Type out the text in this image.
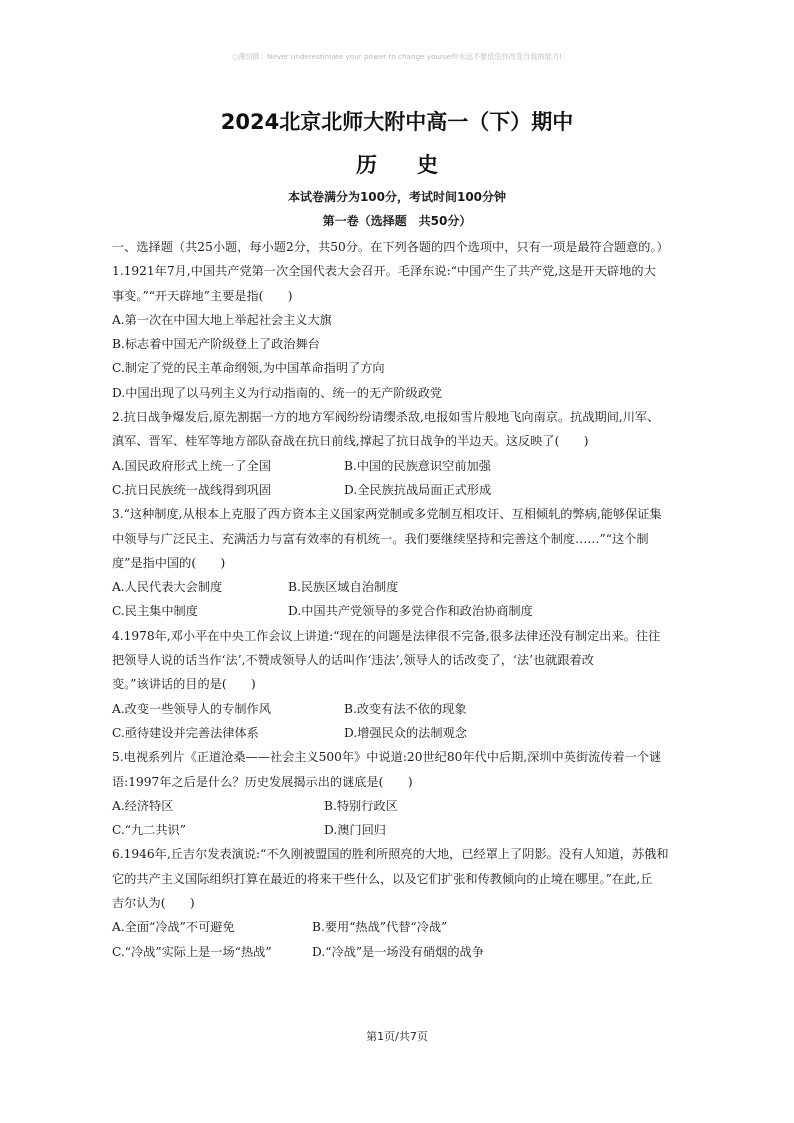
○薄切胖：Never underestimate your power to change yourself!永远不要低估你改变自我的能力!
2024北京北师大附中高一（下）期中
历史
本试卷满分为100分，考试时间100分钟
第一卷（选择题　共50分）
一、选择题（共25小题，每小题2分，共50分。在下列各题的四个选项中，只有一项是最符合题意的。）
1.1921年7月,中国共产党第一次全国代表大会召开。毛泽东说:“中国产生了共产党,这是开天辟地的大
事变。”“开天辟地”主要是指(　　)
A.第一次在中国大地上举起社会主义大旗
B.标志着中国无产阶级登上了政治舞台
C.制定了党的民主革命纲领,为中国革命指明了方向
D.中国出现了以马列主义为行动指南的、统一的无产阶级政党
2.抗日战争爆发后,原先割据一方的地方军阀纷纷请缨杀敌,电报如雪片般地飞向南京。抗战期间,川军、
滇军、晋军、桂军等地方部队奋战在抗日前线,撑起了抗日战争的半边天。这反映了(　　)
A.国民政府形式上统一了全国	B.中国的民族意识空前加强
C.抗日民族统一战线得到巩固	D.全民族抗战局面正式形成
3.“这种制度,从根本上克服了西方资本主义国家两党制或多党制互相攻讦、互相倾轧的弊病,能够保证集
中领导与广泛民主、充满活力与富有效率的有机统一。我们要继续坚持和完善这个制度……”“这个制
度”是指中国的(　　)
A.人民代表大会制度	B.民族区域自治制度
C.民主集中制度	D.中国共产党领导的多党合作和政治协商制度
4.1978年,邓小平在中央工作会议上讲道:“现在的问题是法律很不完备,很多法律还没有制定出来。往往
把领导人说的话当作‘法’,不赞成领导人的话叫作‘违法’,领导人的话改变了，‘法’也就跟着改
变。”该讲话的目的是(　　)
A.改变一些领导人的专制作风	B.改变有法不依的现象
C.亟待建设并完善法律体系	D.增强民众的法制观念
5.电视系列片《正道沧桑——社会主义500年》中说道:20世纪80年代中后期,深圳中英街流传着一个谜
语:1997年之后是什么？历史发展揭示出的谜底是(　　)
A.经济特区	B.特别行政区
C.“九二共识”	D.澳门回归
6.1946年,丘吉尔发表演说:“不久刚被盟国的胜利所照亮的大地，已经罩上了阴影。没有人知道，苏俄和
它的共产主义国际组织打算在最近的将来干些什么，以及它们扩张和传教倾向的止境在哪里。”在此,丘
吉尔认为(　　)
A.全面“冷战”不可避免	B.要用“热战”代替“冷战”
C.“冷战”实际上是一场“热战”	D.“冷战”是一场没有硝烟的战争
第1页/共7页
